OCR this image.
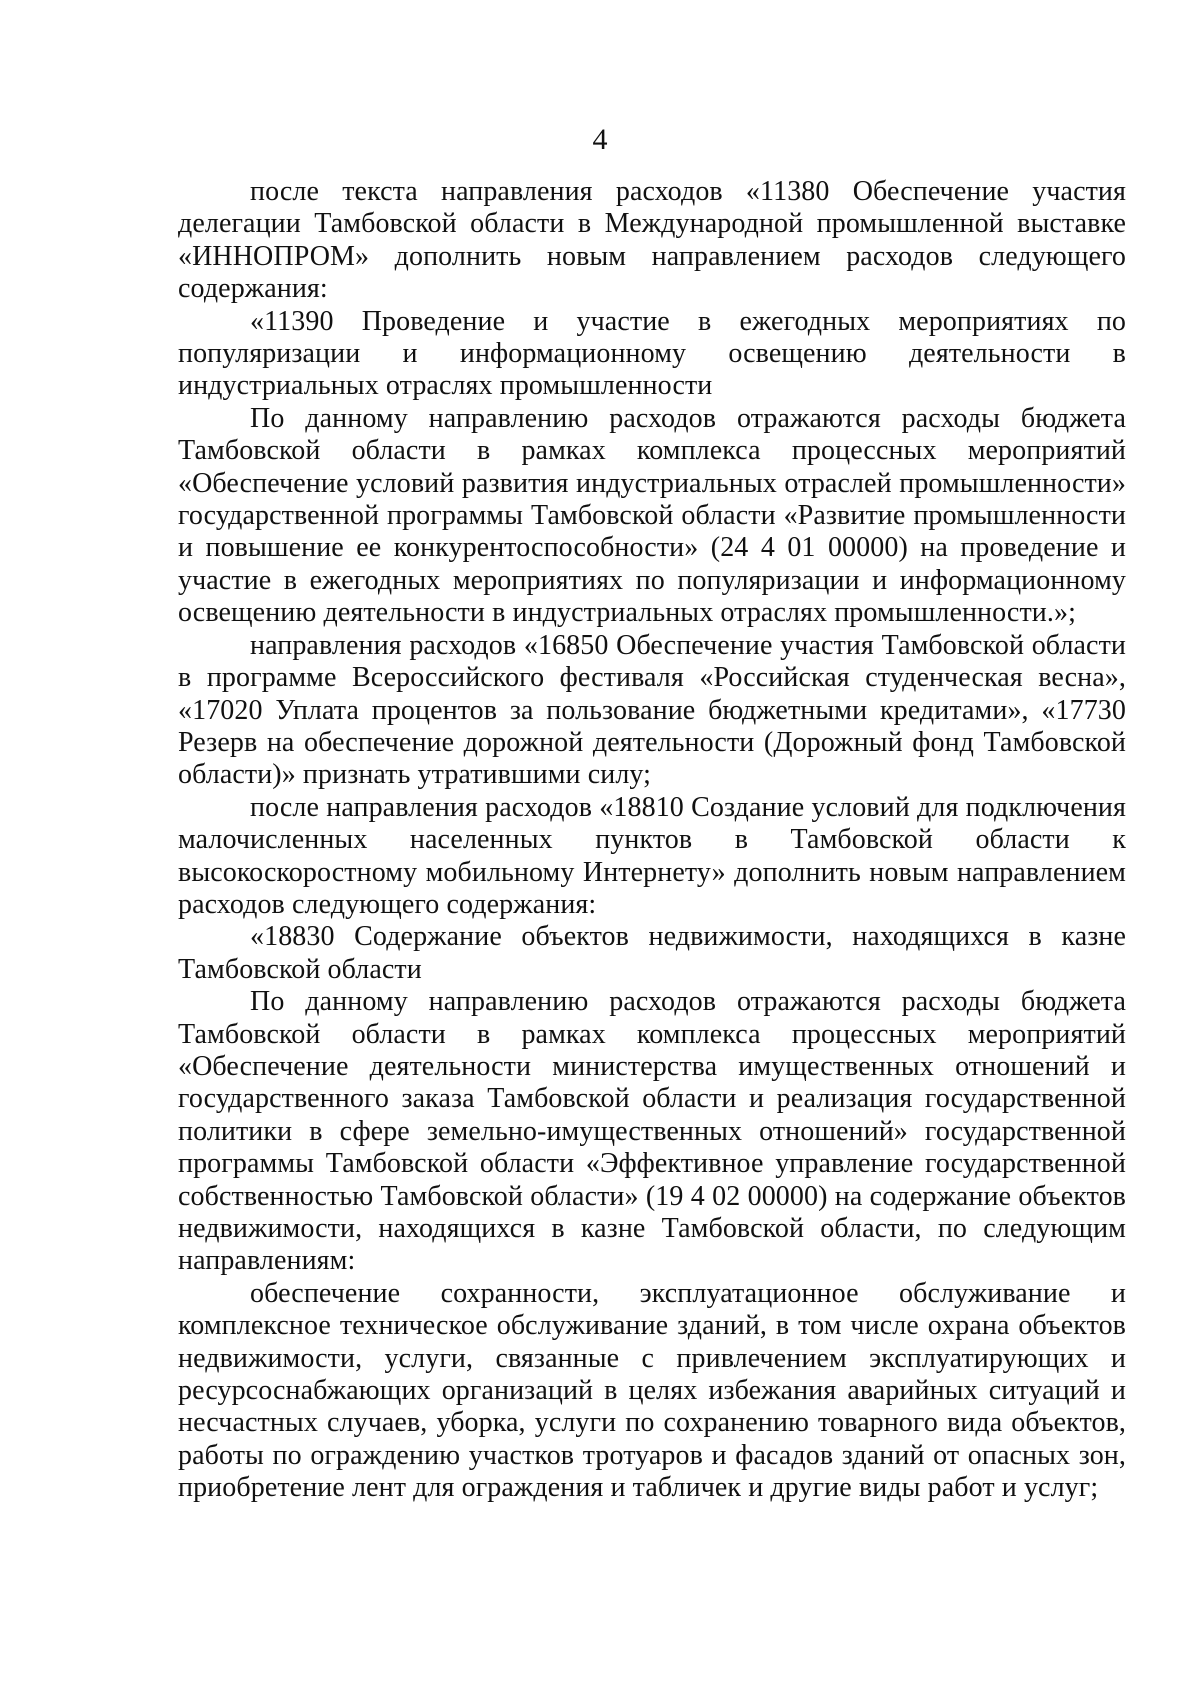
4

после текста направления расходов «11380 Обеспечение участия делегации Тамбовской области в Международной промышленной выставке «ИННОПРОМ» дополнить новым направлением расходов следующего содержания:

«11390 Проведение и участие в ежегодных мероприятиях по популяризации и информационному освещению деятельности в индустриальных отраслях промышленности

По данному направлению расходов отражаются расходы бюджета Тамбовской области в рамках комплекса процессных мероприятий «Обеспечение условий развития индустриальных отраслей промышленности» государственной программы Тамбовской области «Развитие промышленности и повышение ее конкурентоспособности» (24 4 01 00000) на проведение и участие в ежегодных мероприятиях по популяризации и информационному освещению деятельности в индустриальных отраслях промышленности.»;

направления расходов «16850 Обеспечение участия Тамбовской области в программе Всероссийского фестиваля «Российская студенческая весна», «17020 Уплата процентов за пользование бюджетными кредитами», «17730 Резерв на обеспечение дорожной деятельности (Дорожный фонд Тамбовской области)» признать утратившими силу;

после направления расходов «18810 Создание условий для подключения малочисленных населенных пунктов в Тамбовской области к высокоскоростному мобильному Интернету» дополнить новым направлением расходов следующего содержания:

«18830 Содержание объектов недвижимости, находящихся в казне Тамбовской области

По данному направлению расходов отражаются расходы бюджета Тамбовской области в рамках комплекса процессных мероприятий «Обеспечение деятельности министерства имущественных отношений и государственного заказа Тамбовской области и реализация государственной политики в сфере земельно-имущественных отношений» государственной программы Тамбовской области «Эффективное управление государственной собственностью Тамбовской области» (19 4 02 00000) на содержание объектов недвижимости, находящихся в казне Тамбовской области, по следующим направлениям:

обеспечение сохранности, эксплуатационное обслуживание и комплексное техническое обслуживание зданий, в том числе охрана объектов недвижимости, услуги, связанные с привлечением эксплуатирующих и ресурсоснабжающих организаций в целях избежания аварийных ситуаций и несчастных случаев, уборка, услуги по сохранению товарного вида объектов, работы по ограждению участков тротуаров и фасадов зданий от опасных зон, приобретение лент для ограждения и табличек и другие виды работ и услуг;
